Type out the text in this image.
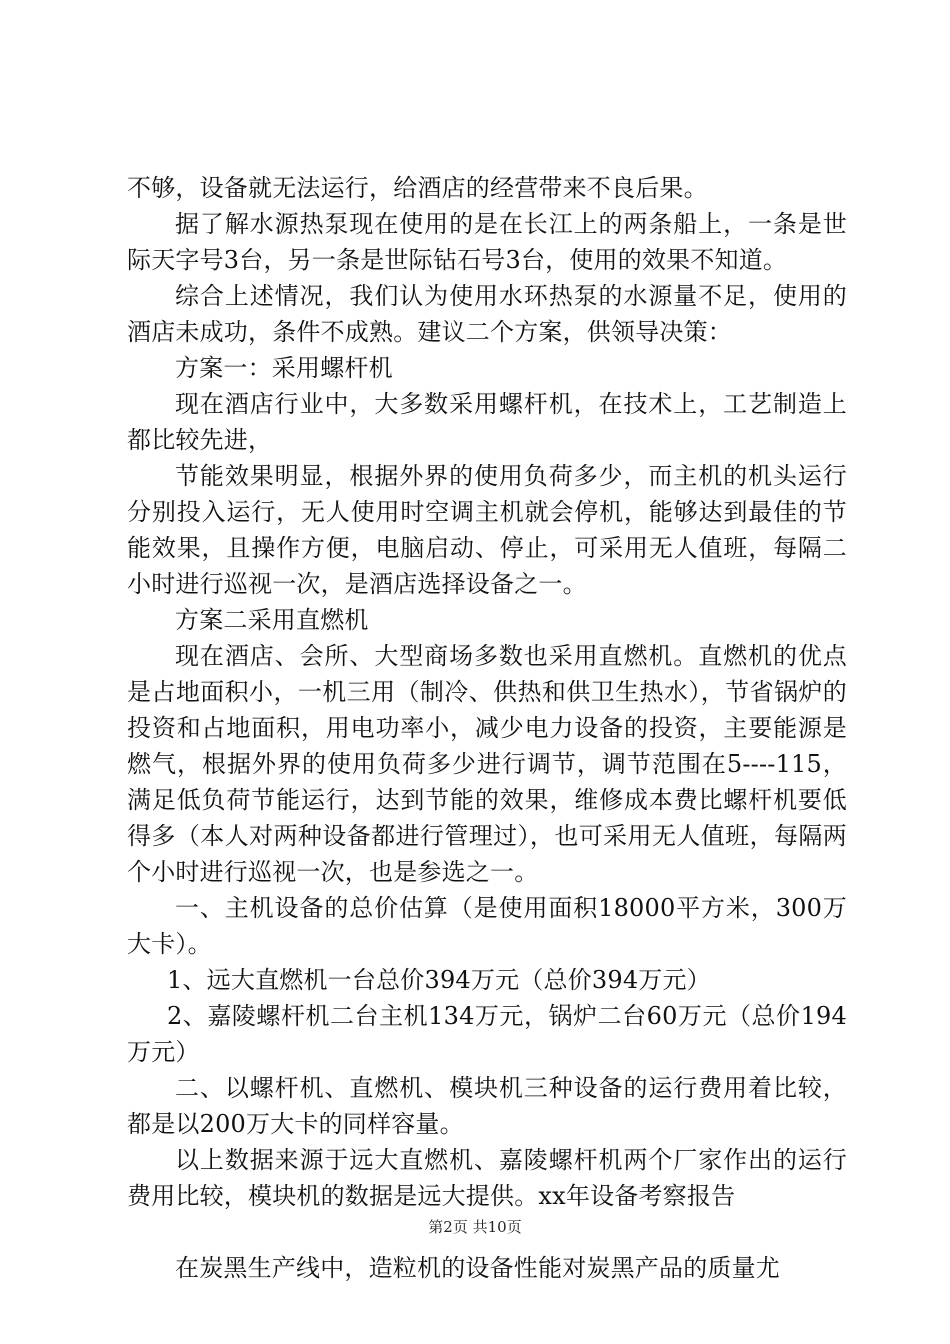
不够，设备就无法运行，给酒店的经营带来不良后果。

据了解水源热泵现在使用的是在长江上的两条船上，一条是世际天字号3台，另一条是世际钻石号3台，使用的效果不知道。

综合上述情况，我们认为使用水环热泵的水源量不足，使用的酒店未成功，条件不成熟。建议二个方案，供领导决策：

方案一：采用螺杆机

现在酒店行业中，大多数采用螺杆机，在技术上，工艺制造上都比较先进，

节能效果明显，根据外界的使用负荷多少，而主机的机头运行分别投入运行，无人使用时空调主机就会停机，能够达到最佳的节能效果，且操作方便，电脑启动、停止，可采用无人值班，每隔二小时进行巡视一次，是酒店选择设备之一。

方案二采用直燃机

现在酒店、会所、大型商场多数也采用直燃机。直燃机的优点是占地面积小，一机三用（制冷、供热和供卫生热水），节省锅炉的投资和占地面积，用电功率小，减少电力设备的投资，主要能源是燃气，根据外界的使用负荷多少进行调节，调节范围在5----115，满足低负荷节能运行，达到节能的效果，维修成本费比螺杆机要低得多（本人对两种设备都进行管理过），也可采用无人值班，每隔两个小时进行巡视一次，也是参选之一。

一、主机设备的总价估算（是使用面积18000平方米，300万大卡）。

1、远大直燃机一台总价394万元（总价394万元）

2、嘉陵螺杆机二台主机134万元，锅炉二台60万元（总价194万元）

二、以螺杆机、直燃机、模块机三种设备的运行费用着比较，都是以200万大卡的同样容量。

以上数据来源于远大直燃机、嘉陵螺杆机两个厂家作出的运行费用比较，模块机的数据是远大提供。xx年设备考察报告

在炭黑生产线中，造粒机的设备性能对炭黑产品的质量尤

第2页 共10页
